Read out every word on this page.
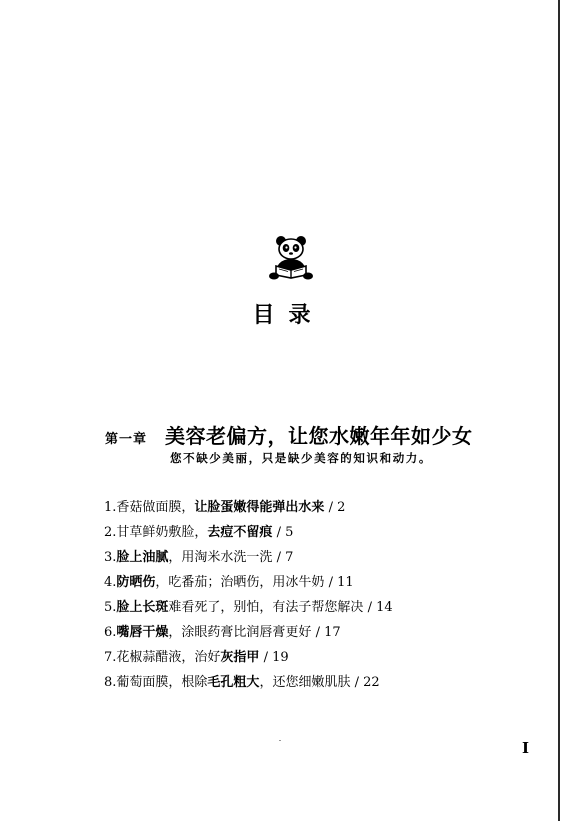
目录
第一章 美容老偏方，让您水嫩年年如少女
您不缺少美丽，只是缺少美容的知识和动力。
1.香菇做面膜，让脸蛋嫩得能弹出水来 / 2
2.甘草鲜奶敷脸，去痘不留痕 / 5
3.脸上油腻，用淘米水洗一洗 / 7
4.防晒伤，吃番茄；治晒伤，用冰牛奶 / 11
5.脸上长斑难看死了，别怕，有法子帮您解决 / 14
6.嘴唇干燥，涂眼药膏比润唇膏更好 / 17
7.花椒蒜醋液，治好灰指甲 / 19
8.葡萄面膜，根除毛孔粗大，还您细嫩肌肤 / 22
I
